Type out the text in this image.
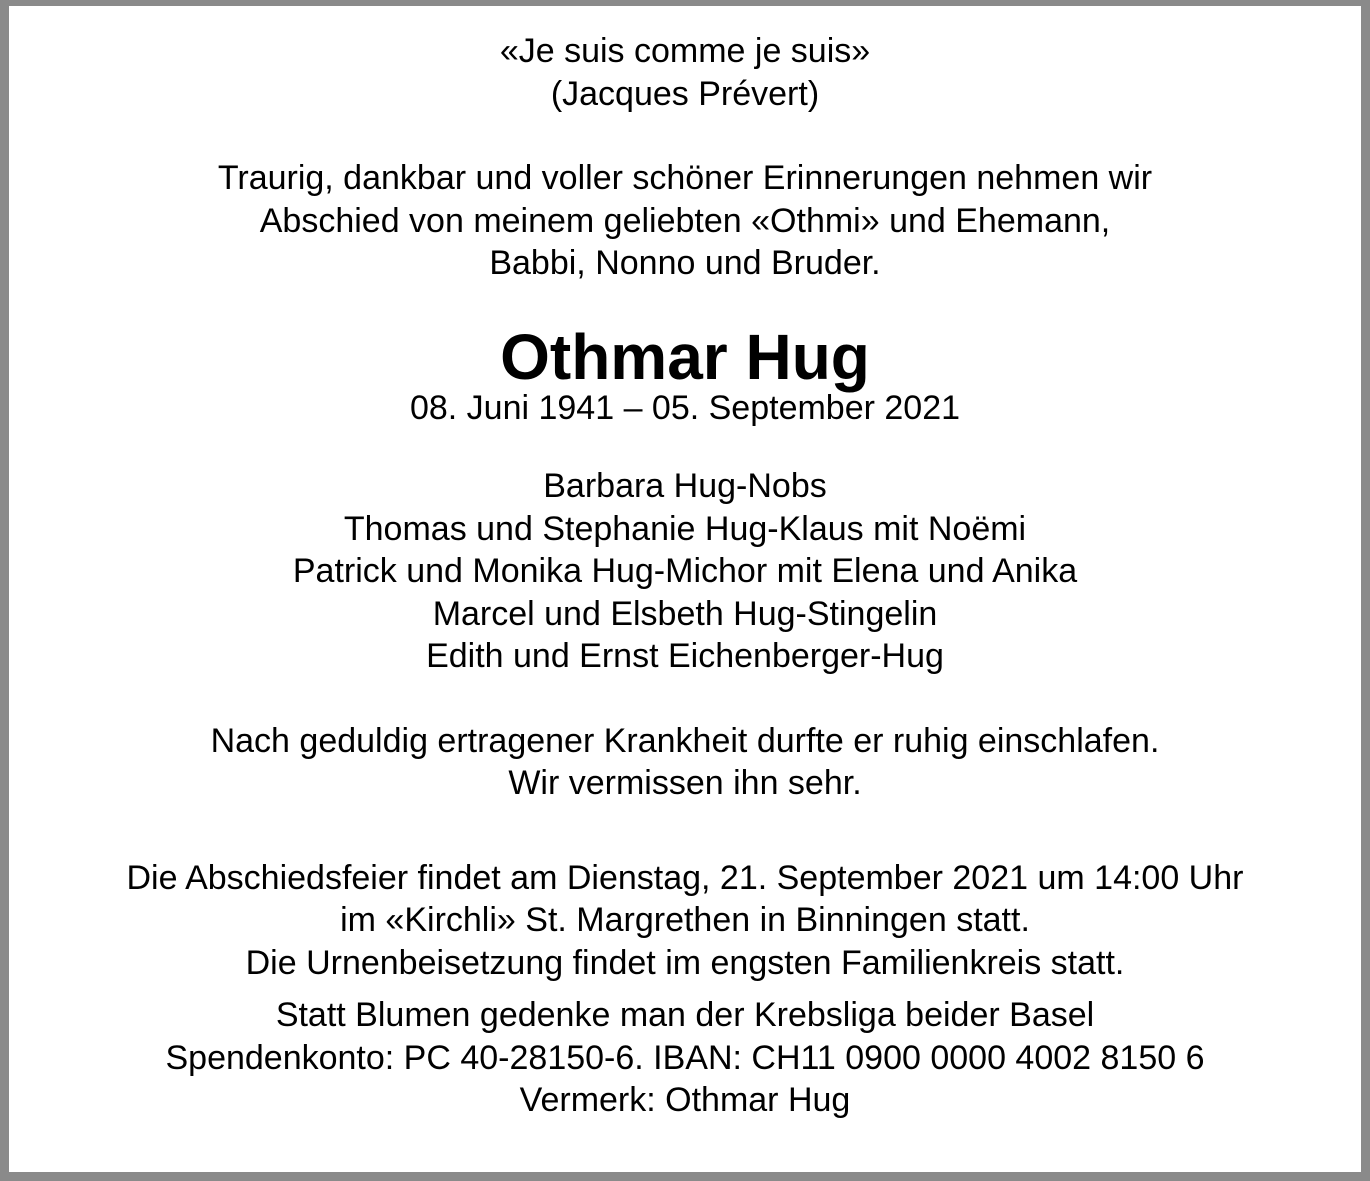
«Je suis comme je suis»
(Jacques Prévert)
Traurig, dankbar und voller schöner Erinnerungen nehmen wir
Abschied von meinem geliebten «Othmi» und Ehemann,
Babbi, Nonno und Bruder.
Othmar Hug
08. Juni 1941 – 05. September 2021
Barbara Hug-Nobs
Thomas und Stephanie Hug-Klaus mit Noëmi
Patrick und Monika Hug-Michor mit Elena und Anika
Marcel und Elsbeth Hug-Stingelin
Edith und Ernst Eichenberger-Hug
Nach geduldig ertragener Krankheit durfte er ruhig einschlafen.
Wir vermissen ihn sehr.
Die Abschiedsfeier findet am Dienstag, 21. September 2021 um 14:00 Uhr
im «Kirchli» St. Margrethen in Binningen statt.
Die Urnenbeisetzung findet im engsten Familienkreis statt.
Statt Blumen gedenke man der Krebsliga beider Basel
Spendenkonto: PC 40-28150-6. IBAN: CH11 0900 0000 4002 8150 6
Vermerk: Othmar Hug
